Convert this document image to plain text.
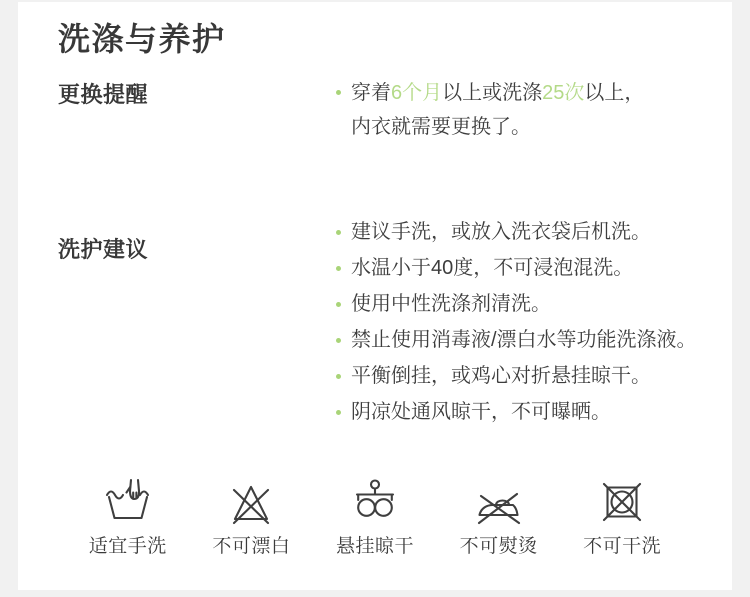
洗涤与养护
更换提醒	穿着6个月以上或洗涤25次以上，
内衣就需要更换了。
洗护建议
建议手洗，或放入洗衣袋后机洗。
水温小于40度，不可浸泡混洗。
使用中性洗涤剂清洗。
禁止使用消毒液/漂白水等功能洗涤液。
平衡倒挂，或鸡心对折悬挂晾干。
阴凉处通风晾干，不可曝晒。
适宜手洗 不可漂白 悬挂晾干 不可熨烫 不可干洗
